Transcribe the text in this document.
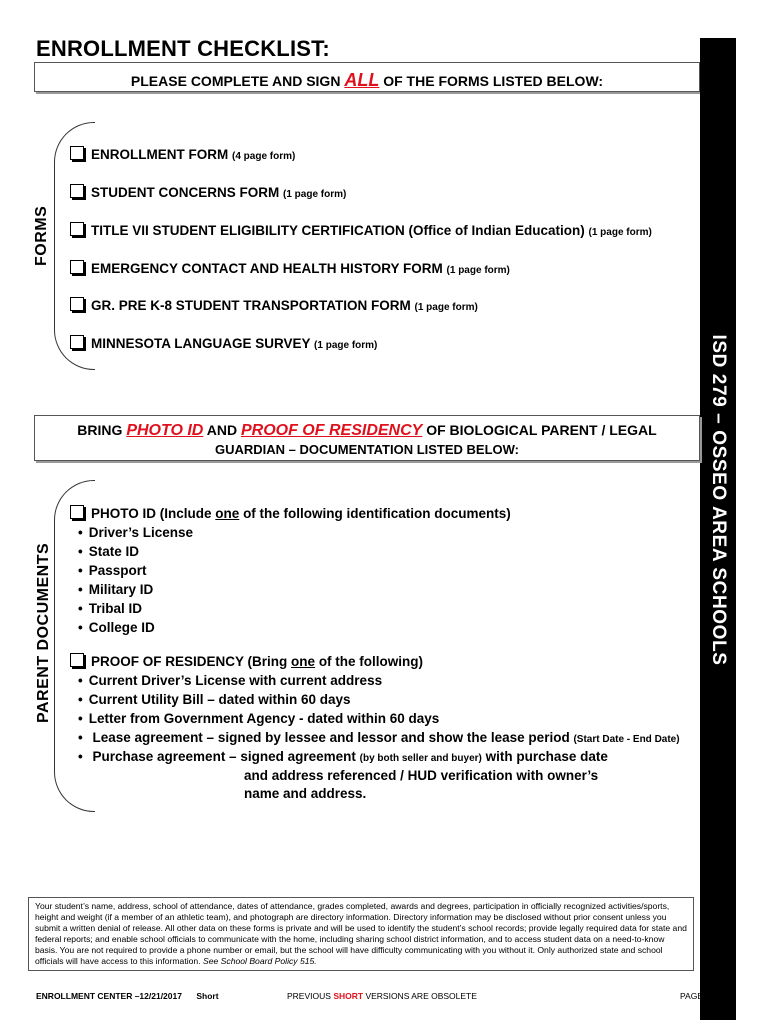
ENROLLMENT CHECKLIST:
PLEASE COMPLETE AND SIGN ALL OF THE FORMS LISTED BELOW:
ISD 279 – OSSEO AREA SCHOOLS
FORMS
ENROLLMENT FORM (4 page form)
STUDENT CONCERNS FORM (1 page form)
TITLE VII STUDENT ELIGIBILITY CERTIFICATION (Office of Indian Education) (1 page form)
EMERGENCY CONTACT AND HEALTH HISTORY FORM (1 page form)
GR. PRE K-8 STUDENT TRANSPORTATION FORM (1 page form)
MINNESOTA LANGUAGE SURVEY (1 page form)
BRING PHOTO ID AND PROOF OF RESIDENCY OF BIOLOGICAL PARENT / LEGAL
GUARDIAN – DOCUMENTATION LISTED BELOW:
PARENT DOCUMENTS
PHOTO ID (Include one of the following identification documents)
• Driver’s License
• State ID
• Passport
• Military ID
• Tribal ID
• College ID
PROOF OF RESIDENCY (Bring one of the following)
• Current Driver’s License with current address
• Current Utility Bill – dated within 60 days
• Letter from Government Agency - dated within 60 days
• Lease agreement – signed by lessee and lessor and show the lease period (Start Date - End Date)
• Purchase agreement – signed agreement (by both seller and buyer) with purchase date
and address referenced / HUD verification with owner’s
name and address.
Your student’s name, address, school of attendance, dates of attendance, grades completed, awards and degrees, participation in officially recognized activities/sports, height and weight (if a member of an athletic team), and photograph are directory information. Directory information may be disclosed without prior consent unless you submit a written denial of release. All other data on these forms is private and will be used to identify the student’s school records; provide legally required data for state and federal reports; and enable school officials to communicate with the home, including sharing school district information, and to access student data on a need-to-know basis. You are not required to provide a phone number or email, but the school will have difficulty communicating with you without it. Only authorized state and school officials will have access to this information. See School Board Policy 515.
ENROLLMENT CENTER –12/21/2017 Short	PREVIOUS SHORT VERSIONS ARE OBSOLETE	PAGE 1 OF 1
